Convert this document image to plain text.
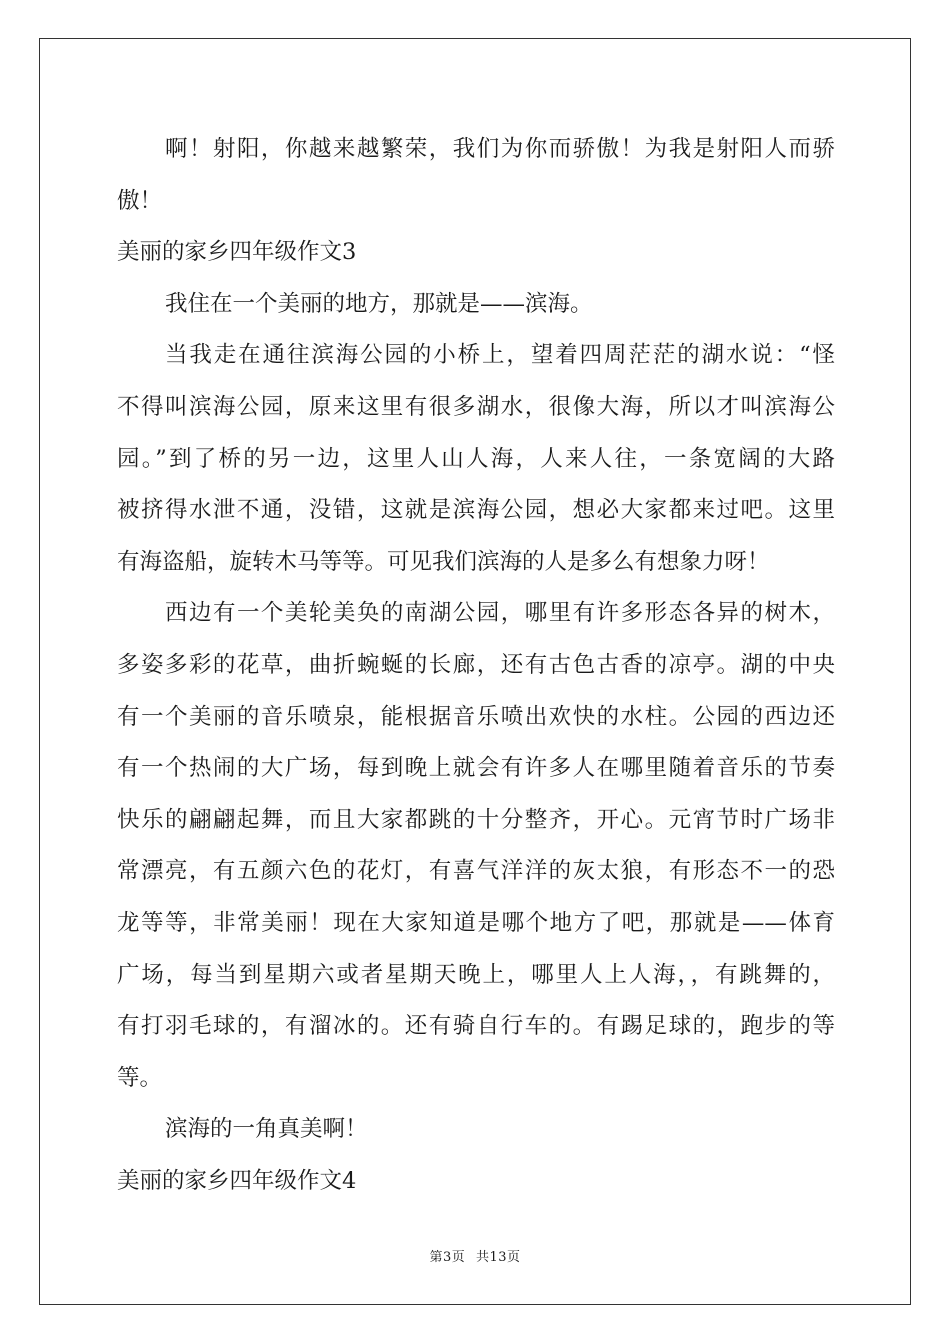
啊！射阳，你越来越繁荣，我们为你而骄傲！为我是射阳人而骄
傲！
美丽的家乡四年级作文3
我住在一个美丽的地方，那就是——滨海。
当我走在通往滨海公园的小桥上，望着四周茫茫的湖水说：“怪
不得叫滨海公园，原来这里有很多湖水，很像大海，所以才叫滨海公
园。”到了桥的另一边，这里人山人海，人来人往，一条宽阔的大路
被挤得水泄不通，没错，这就是滨海公园，想必大家都来过吧。这里
有海盗船，旋转木马等等。可见我们滨海的人是多么有想象力呀！
西边有一个美轮美奂的南湖公园，哪里有许多形态各异的树木，
多姿多彩的花草，曲折蜿蜒的长廊，还有古色古香的凉亭。湖的中央
有一个美丽的音乐喷泉，能根据音乐喷出欢快的水柱。公园的西边还
有一个热闹的大广场，每到晚上就会有许多人在哪里随着音乐的节奏
快乐的翩翩起舞，而且大家都跳的十分整齐，开心。元宵节时广场非
常漂亮，有五颜六色的花灯，有喜气洋洋的灰太狼，有形态不一的恐
龙等等，非常美丽！现在大家知道是哪个地方了吧，那就是——体育
广场，每当到星期六或者星期天晚上，哪里人上人海，，有跳舞的，
有打羽毛球的，有溜冰的。还有骑自行车的。有踢足球的，跑步的等
等。
滨海的一角真美啊！
美丽的家乡四年级作文4
第3页 共13页
